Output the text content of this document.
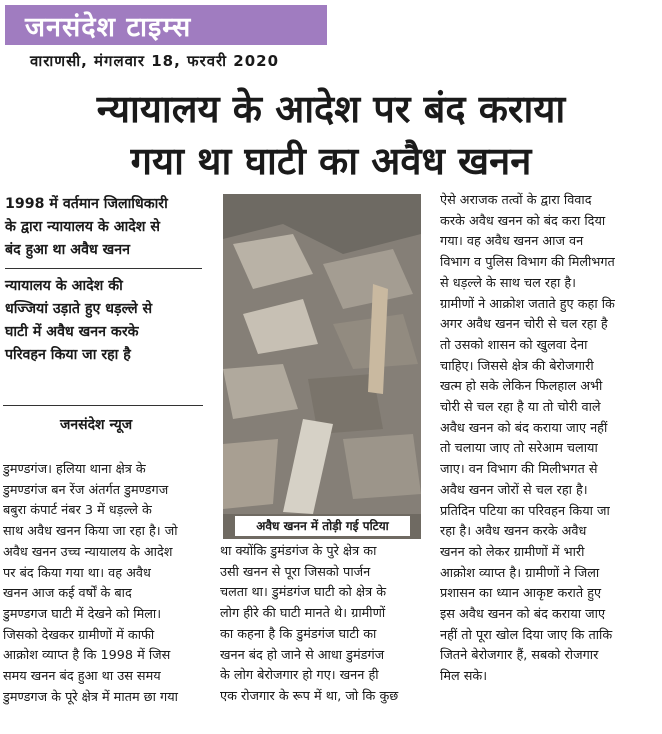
जनसंदेश टाइम्स
वाराणसी, मंगलवार 18, फरवरी 2020
न्यायालय के आदेश पर बंद कराया
गया था घाटी का अवैध खनन
1998 में वर्तमान जिलाधिकारी
के द्वारा न्यायालय के आदेश से
बंद हुआ था अवैध खनन
न्यायालय के आदेश की
धज्जियां उड़ाते हुए धड़ल्ले से
घाटी में अवैध खनन करके
परिवहन किया जा रहा है
जनसंदेश न्यूज
डुमण्डगंज। हलिया थाना क्षेत्र के
डुमण्डगंज बन रेंज अंतर्गत डुमण्डगज
बबुरा कंपार्ट नंबर 3 में धड़ल्ले के
साथ अवैध खनन किया जा रहा है। जो
अवैध खनन उच्च न्यायालय के आदेश
पर बंद किया गया था। वह अवैध
खनन आज कई वर्षों के बाद
डुमण्डगज घाटी में देखने को मिला।
जिसको देखकर ग्रामीणों में काफी
आक्रोश व्याप्त है कि 1998 में जिस
समय खनन बंद हुआ था उस समय
डुमण्डगज के पूरे क्षेत्र में मातम छा गया
अवैध खनन में तोड़ी गई पटिया
था क्योंकि डुमंडगंज के पुरे क्षेत्र का
उसी खनन से पूरा जिसको पार्जन
चलता था। डुमंडगंज घाटी को क्षेत्र के
लोग हीरे की घाटी मानते थे। ग्रामीणों
का कहना है कि डुमंडगंज घाटी का
खनन बंद हो जाने से आधा डुमंडगंज
के लोग बेरोजगार हो गए। खनन ही
एक रोजगार के रूप में था, जो कि कुछ
ऐसे अराजक तत्वों के द्वारा विवाद
करके अवैध खनन को बंद करा दिया
गया। वह अवैध खनन आज वन
विभाग व पुलिस विभाग की मिलीभगत
से धड़ल्ले के साथ चल रहा है।
ग्रामीणों ने आक्रोश जताते हुए कहा कि
अगर अवैध खनन चोरी से चल रहा है
तो उसको शासन को खुलवा देना
चाहिए। जिससे क्षेत्र की बेरोजगारी
खत्म हो सके लेकिन फिलहाल अभी
चोरी से चल रहा है या तो चोरी वाले
अवैध खनन को बंद कराया जाए नहीं
तो चलाया जाए तो सरेआम चलाया
जाए। वन विभाग की मिलीभगत से
अवैध खनन जोरों से चल रहा है।
प्रतिदिन पटिया का परिवहन किया जा
रहा है। अवैध खनन करके अवैध
खनन को लेकर ग्रामीणों में भारी
आक्रोश व्याप्त है। ग्रामीणों ने जिला
प्रशासन का ध्यान आकृष्ट कराते हुए
इस अवैध खनन को बंद कराया जाए
नहीं तो पूरा खोल दिया जाए कि ताकि
जितने बेरोजगार हैं, सबको रोजगार
मिल सके।
